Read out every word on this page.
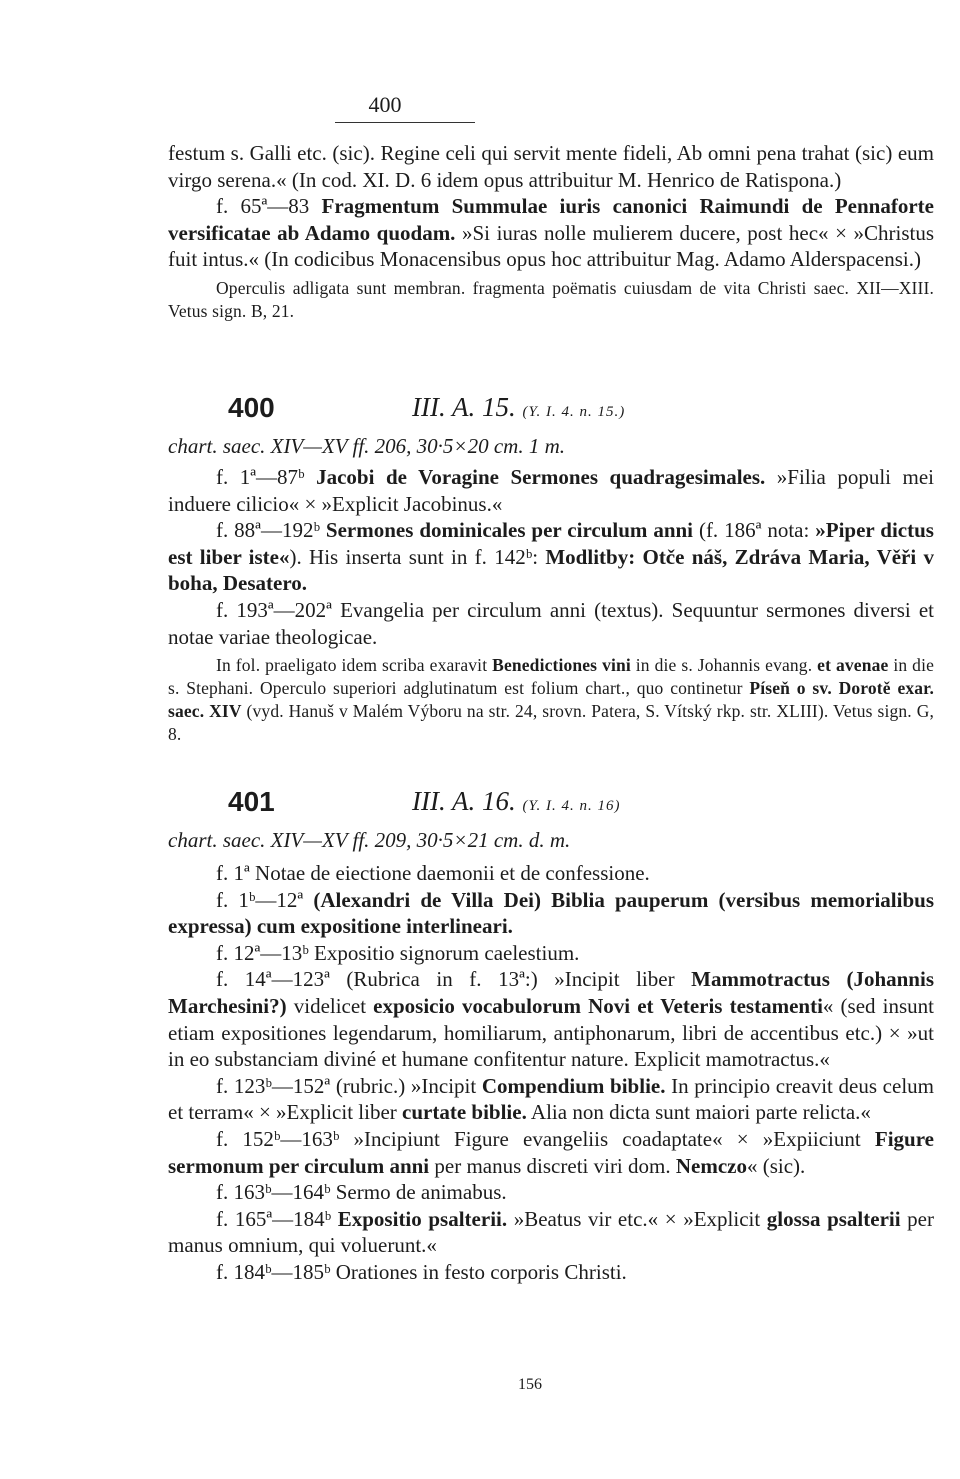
400

festum s. Galli etc. (sic). Regine celi qui servit mente fideli, Ab omni pena trahat (sic) eum virgo serena.« (In cod. XI. D. 6 idem opus attribuitur M. Henrico de Ratispona.)

f. 65ª—83 Fragmentum Summulae iuris canonici Raimundi de Pennaforte versificatae ab Adamo quodam. »Si iuras nolle mulierem ducere, post hec« × »Christus fuit intus.« (In codicibus Monacensibus opus hoc attribuitur Mag. Adamo Alderspacensi.)

Operculis adligata sunt membran. fragmenta poëmatis cuiusdam de vita Christi saec. XII—XIII. Vetus sign. B, 21.

400	III. A. 15. (Y. I. 4. n. 15.)
chart. saec. XIV—XV ff. 206, 30·5×20 cm. 1 m.

f. 1ª—87ᵇ Jacobi de Voragine Sermones quadragesimales. »Filia populi mei induere cilicio« × »Explicit Jacobinus.«

f. 88ª—192ᵇ Sermones dominicales per circulum anni (f. 186ª nota: »Piper dictus est liber iste«). His inserta sunt in f. 142ᵇ: Modlitby: Otče náš, Zdráva Maria, Věři v boha, Desatero.

f. 193ª—202ª Evangelia per circulum anni (textus). Sequuntur sermones diversi et notae variae theologicae.

In fol. praeligato idem scriba exaravit Benedictiones vini in die s. Johannis evang. et avenae in die s. Stephani. Operculo superiori adglutinatum est folium chart., quo continetur Píseň o sv. Dorotě exar. saec. XIV (vyd. Hanuš v Malém Výboru na str. 24, srovn. Patera, S. Vítský rkp. str. XLIII). Vetus sign. G, 8.

401	III. A. 16. (Y. I. 4. n. 16)
chart. saec. XIV—XV ff. 209, 30·5×21 cm. d. m.

f. 1ª Notae de eiectione daemonii et de confessione.

f. 1ᵇ—12ª (Alexandri de Villa Dei) Biblia pauperum (versibus memorialibus expressa) cum expositione interlineari.

f. 12ª—13ᵇ Expositio signorum caelestium.

f. 14ª—123ª (Rubrica in f. 13ª:) »Incipit liber Mammotractus (Johannis Marchesini?) videlicet exposicio vocabulorum Novi et Veteris testamenti« (sed insunt etiam expositiones legendarum, homiliarum, antiphonarum, libri de accentibus etc.) × »ut in eo substanciam diviné et humane confitentur nature. Explicit mamotractus.«

f. 123ᵇ—152ª (rubric.) »Incipit Compendium biblie. In principio creavit deus celum et terram« × »Explicit liber curtate biblie. Alia non dicta sunt maiori parte relicta.«

f. 152ᵇ—163ᵇ »Incipiunt Figure evangeliis coadaptate« × »Expiiciunt Figure sermonum per circulum anni per manus discreti viri dom. Nemczo« (sic).

f. 163ᵇ—164ᵇ Sermo de animabus.

f. 165ª—184ᵇ Expositio psalterii. »Beatus vir etc.« × »Explicit glossa psalterii per manus omnium, qui voluerunt.«

f. 184ᵇ—185ᵇ Orationes in festo corporis Christi.

156
